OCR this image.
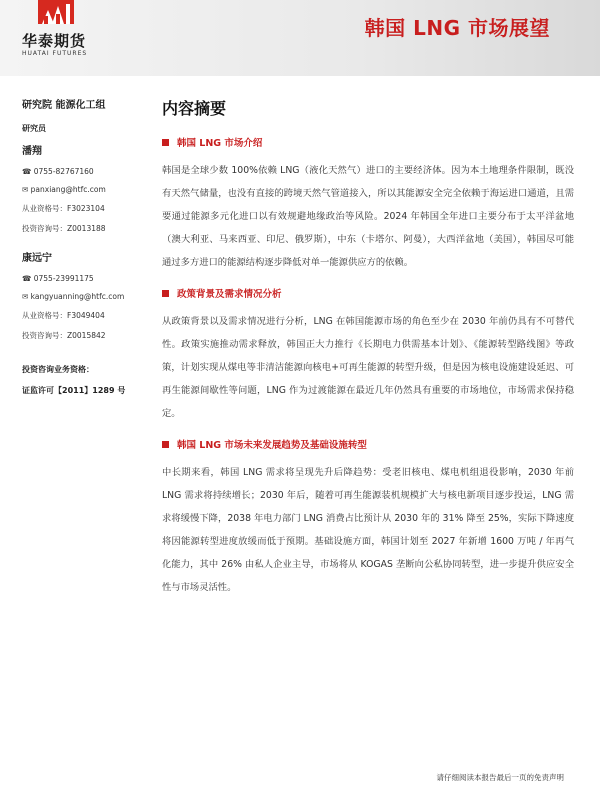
华泰期货
HUATAI FUTURES
韩国 LNG 市场展望
研究院 能源化工组
研究员
潘翔
☎ 0755-82767160
✉ panxiang@htfc.com
从业资格号：F3023104
投资咨询号：Z0013188
康远宁
☎ 0755-23991175
✉ kangyuanning@htfc.com
从业资格号：F3049404
投资咨询号：Z0015842
投资咨询业务资格：
证监许可【2011】1289 号
内容摘要
韩国 LNG 市场介绍

韩国是全球少数 100%依赖 LNG（液化天然气）进口的主要经济体。因为本土地理条件限制，既没有天然气储量，也没有直接的跨境天然气管道接入，所以其能源安全完全依赖于海运进口通道，且需要通过能源多元化进口以有效规避地缘政治等风险。2024 年韩国全年进口主要分布于太平洋盆地（澳大利亚、马来西亚、印尼、俄罗斯），中东（卡塔尔、阿曼），大西洋盆地（美国），韩国尽可能通过多方进口的能源结构逐步降低对单一能源供应方的依赖。

政策背景及需求情况分析

从政策背景以及需求情况进行分析，LNG 在韩国能源市场的角色至少在 2030 年前仍具有不可替代性。政策实施推动需求释放，韩国正大力推行《长期电力供需基本计划》、《能源转型路线图》等政策，计划实现从煤电等非清洁能源向核电+可再生能源的转型升级，但是因为核电设施建设延迟、可再生能源间歇性等问题，LNG 作为过渡能源在最近几年仍然具有重要的市场地位，市场需求保持稳定。

韩国 LNG 市场未来发展趋势及基础设施转型

中长期来看，韩国 LNG 需求将呈现先升后降趋势：受老旧核电、煤电机组退役影响，2030 年前 LNG 需求将持续增长；2030 年后，随着可再生能源装机规模扩大与核电新项目逐步投运，LNG 需求将缓慢下降，2038 年电力部门 LNG 消费占比预计从 2030 年的 31% 降至 25%，实际下降速度将因能源转型进度放缓而低于预期。基础设施方面，韩国计划至 2027 年新增 1600 万吨 / 年再气化能力，其中 26% 由私人企业主导，市场将从 KOGAS 垄断向公私协同转型，进一步提升供应安全性与市场灵活性。

请仔细阅读本报告最后一页的免责声明
